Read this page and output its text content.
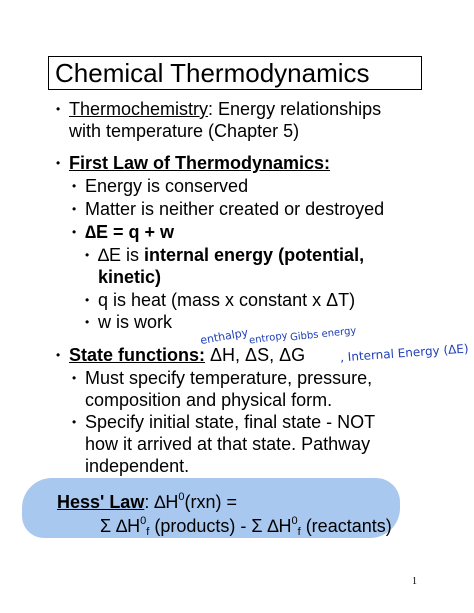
Chemical Thermodynamics
• Thermochemistry: Energy relationships
with temperature (Chapter 5)
• First Law of Thermodynamics:
• Energy is conserved
• Matter is neither created or destroyed
• ∆E = q + w
• ∆E is internal energy (potential,
kinetic)
• q is heat (mass x constant x ΔT)
• w is work
enthalpy entropy Gibbs energy
, Internal Energy (ΔE)
• State functions: ΔH, ΔS, ΔG
• Must specify temperature, pressure,
composition and physical form.
• Specify initial state, final state - NOT
how it arrived at that state. Pathway
independent.
Hess' Law: $\Delta H^0(rxn)$ =
Σ $\Delta H^0_f$ (products) - Σ $\Delta H^0_f$ (reactants)
1
